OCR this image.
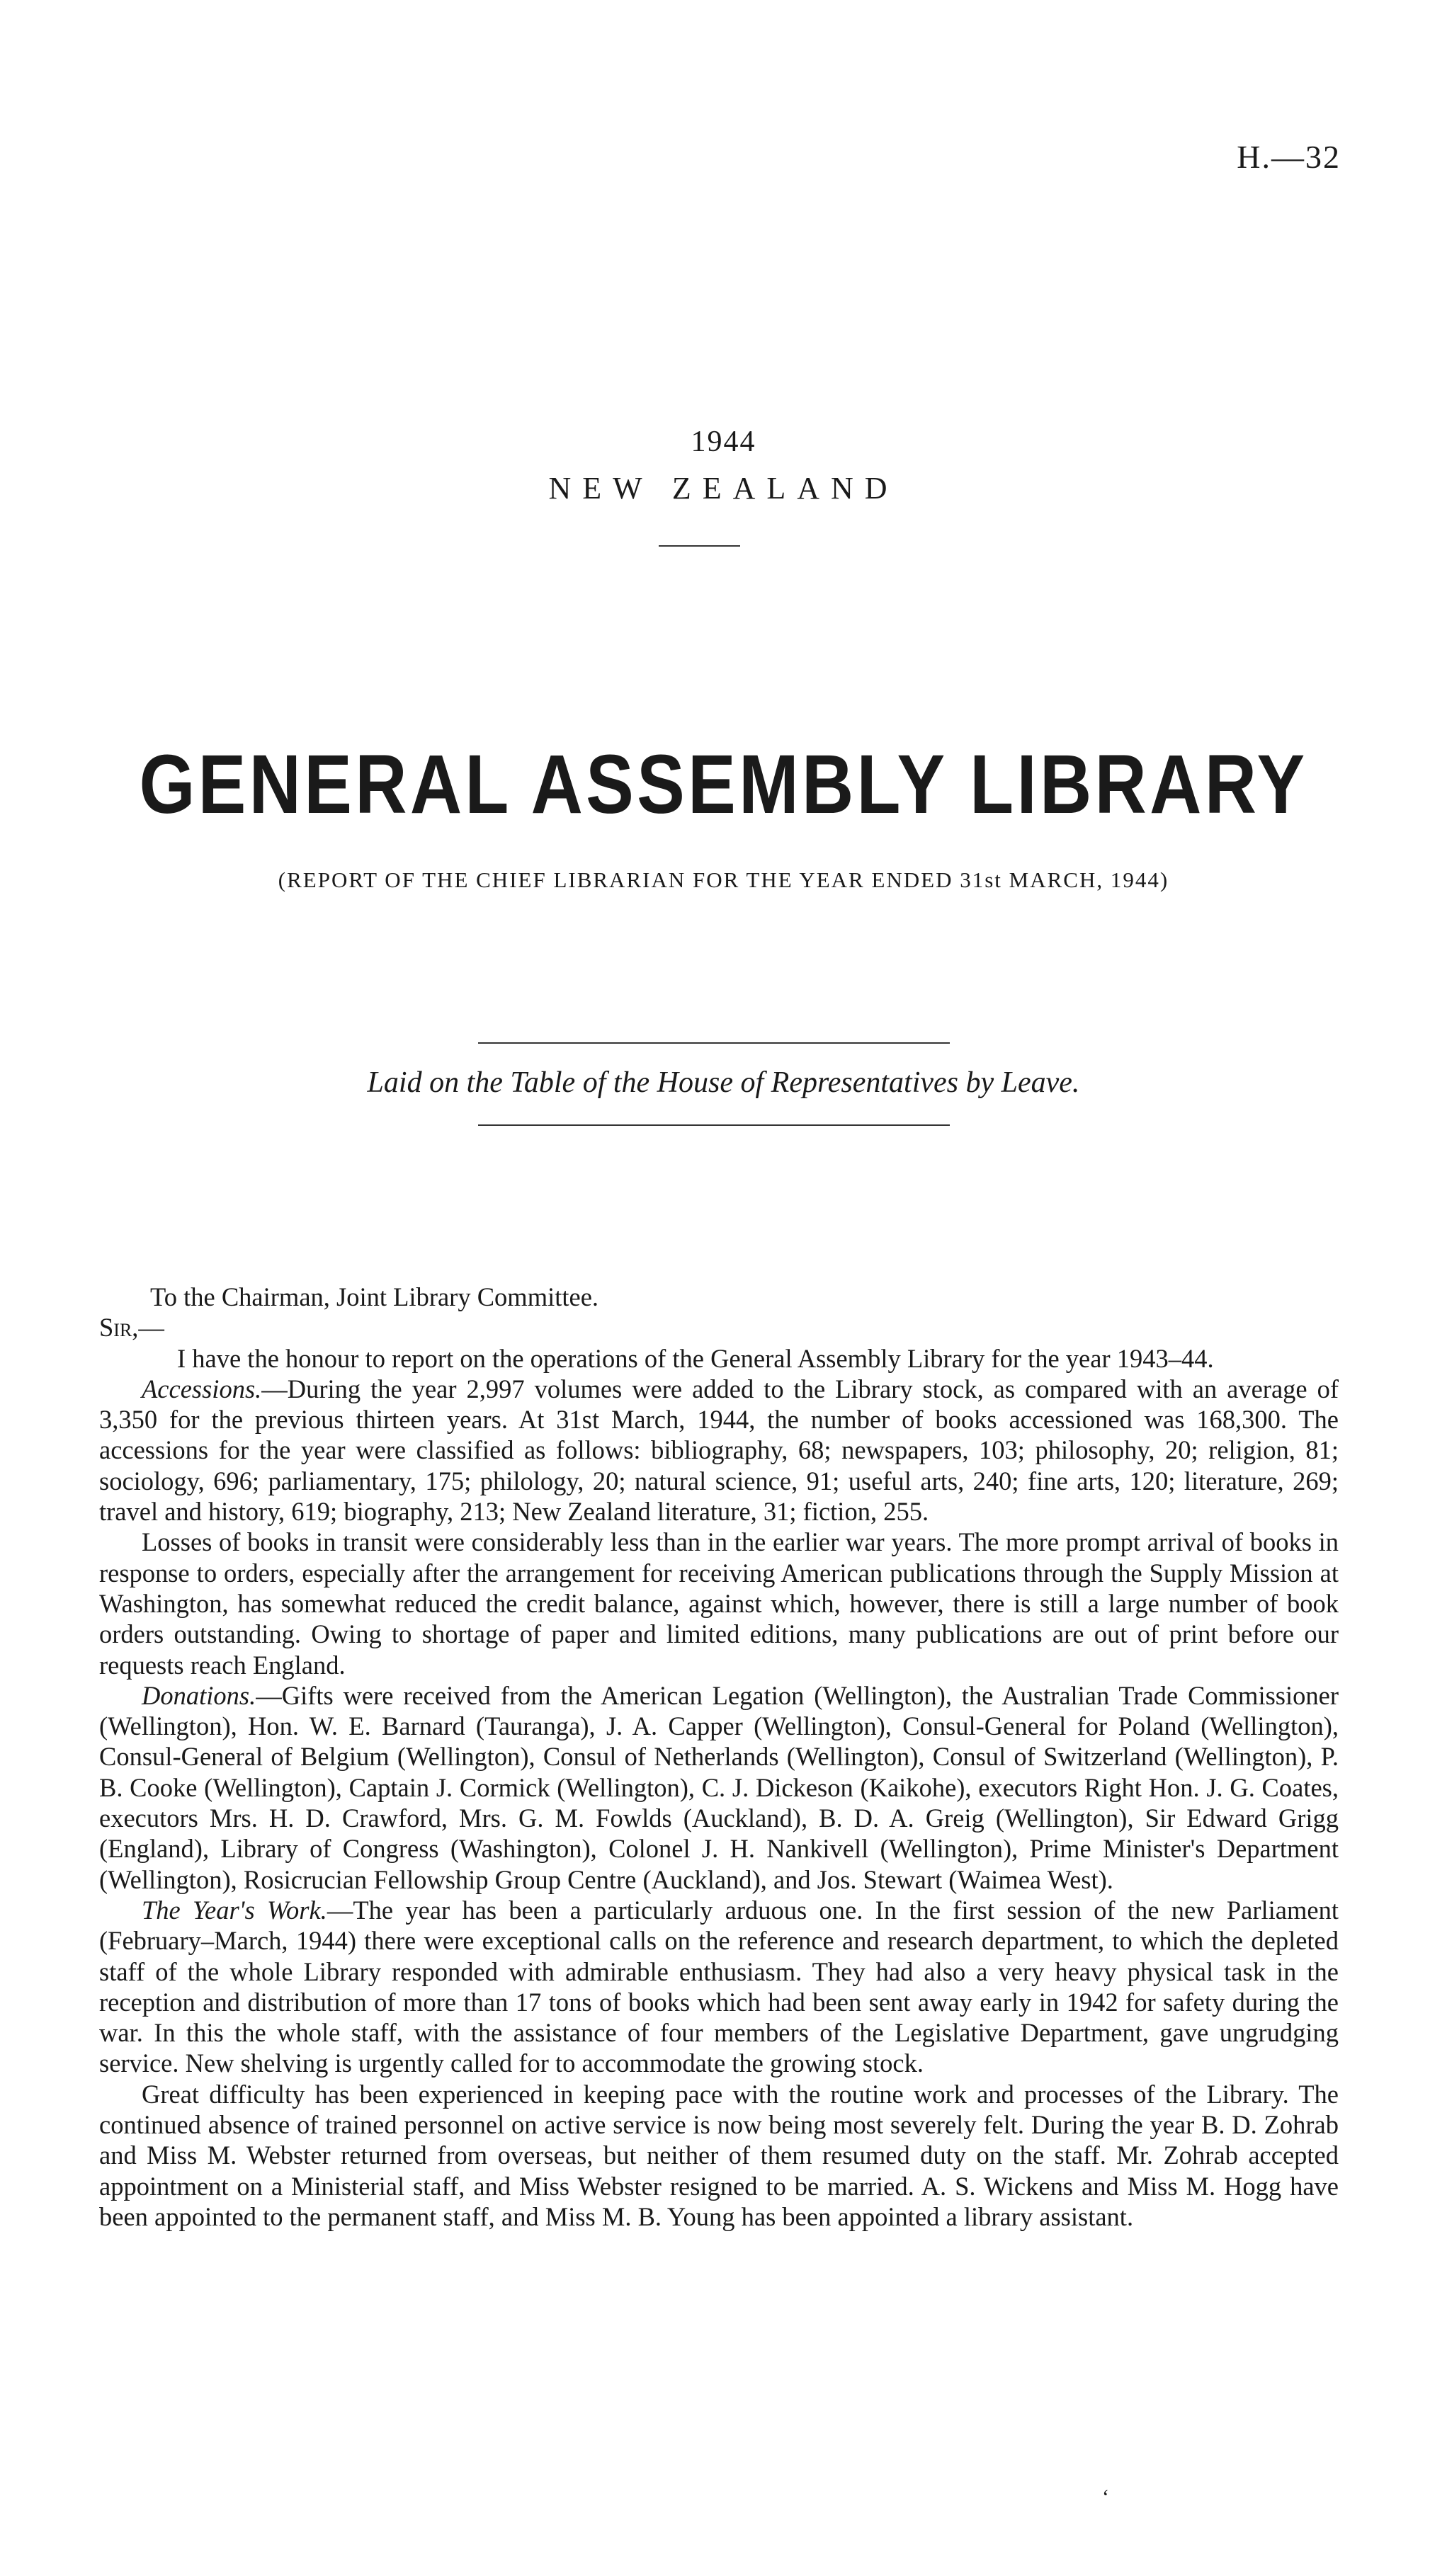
H.—32
1944
NEW ZEALAND
GENERAL ASSEMBLY LIBRARY
(REPORT OF THE CHIEF LIBRARIAN FOR THE YEAR ENDED 31st MARCH, 1944)
Laid on the Table of the House of Representatives by Leave.

To the Chairman, Joint Library Committee.

Sir,—

I have the honour to report on the operations of the General Assembly Library for the year 1943–44.

Accessions.—During the year 2,997 volumes were added to the Library stock, as compared with an average of 3,350 for the previous thirteen years. At 31st March, 1944, the number of books accessioned was 168,300. The accessions for the year were classified as follows: bibliography, 68; newspapers, 103; philosophy, 20; religion, 81; sociology, 696; parliamentary, 175; philology, 20; natural science, 91; useful arts, 240; fine arts, 120; literature, 269; travel and history, 619; biography, 213; New Zealand literature, 31; fiction, 255.

Losses of books in transit were considerably less than in the earlier war years. The more prompt arrival of books in response to orders, especially after the arrangement for receiving American publications through the Supply Mission at Washington, has somewhat reduced the credit balance, against which, however, there is still a large number of book orders outstanding. Owing to shortage of paper and limited editions, many publications are out of print before our requests reach England.

Donations.—Gifts were received from the American Legation (Wellington), the Australian Trade Commissioner (Wellington), Hon. W. E. Barnard (Tauranga), J. A. Capper (Wellington), Consul-General for Poland (Wellington), Consul-General of Belgium (Wellington), Consul of Netherlands (Wellington), Consul of Switzerland (Wellington), P. B. Cooke (Wellington), Captain J. Cormick (Wellington), C. J. Dickeson (Kaikohe), executors Right Hon. J. G. Coates, executors Mrs. H. D. Crawford, Mrs. G. M. Fowlds (Auckland), B. D. A. Greig (Wellington), Sir Edward Grigg (England), Library of Congress (Washington), Colonel J. H. Nankivell (Wellington), Prime Minister's Department (Wellington), Rosicrucian Fellowship Group Centre (Auckland), and Jos. Stewart (Waimea West).

The Year's Work.—The year has been a particularly arduous one. In the first session of the new Parliament (February–March, 1944) there were exceptional calls on the reference and research department, to which the depleted staff of the whole Library responded with admirable enthusiasm. They had also a very heavy physical task in the reception and distribution of more than 17 tons of books which had been sent away early in 1942 for safety during the war. In this the whole staff, with the assistance of four members of the Legislative Department, gave ungrudging service. New shelving is urgently called for to accommodate the growing stock.

Great difficulty has been experienced in keeping pace with the routine work and processes of the Library. The continued absence of trained personnel on active service is now being most severely felt. During the year B. D. Zohrab and Miss M. Webster returned from overseas, but neither of them resumed duty on the staff. Mr. Zohrab accepted appointment on a Ministerial staff, and Miss Webster resigned to be married. A. S. Wickens and Miss M. Hogg have been appointed to the permanent staff, and Miss M. B. Young has been appointed a library assistant.

ʻ
